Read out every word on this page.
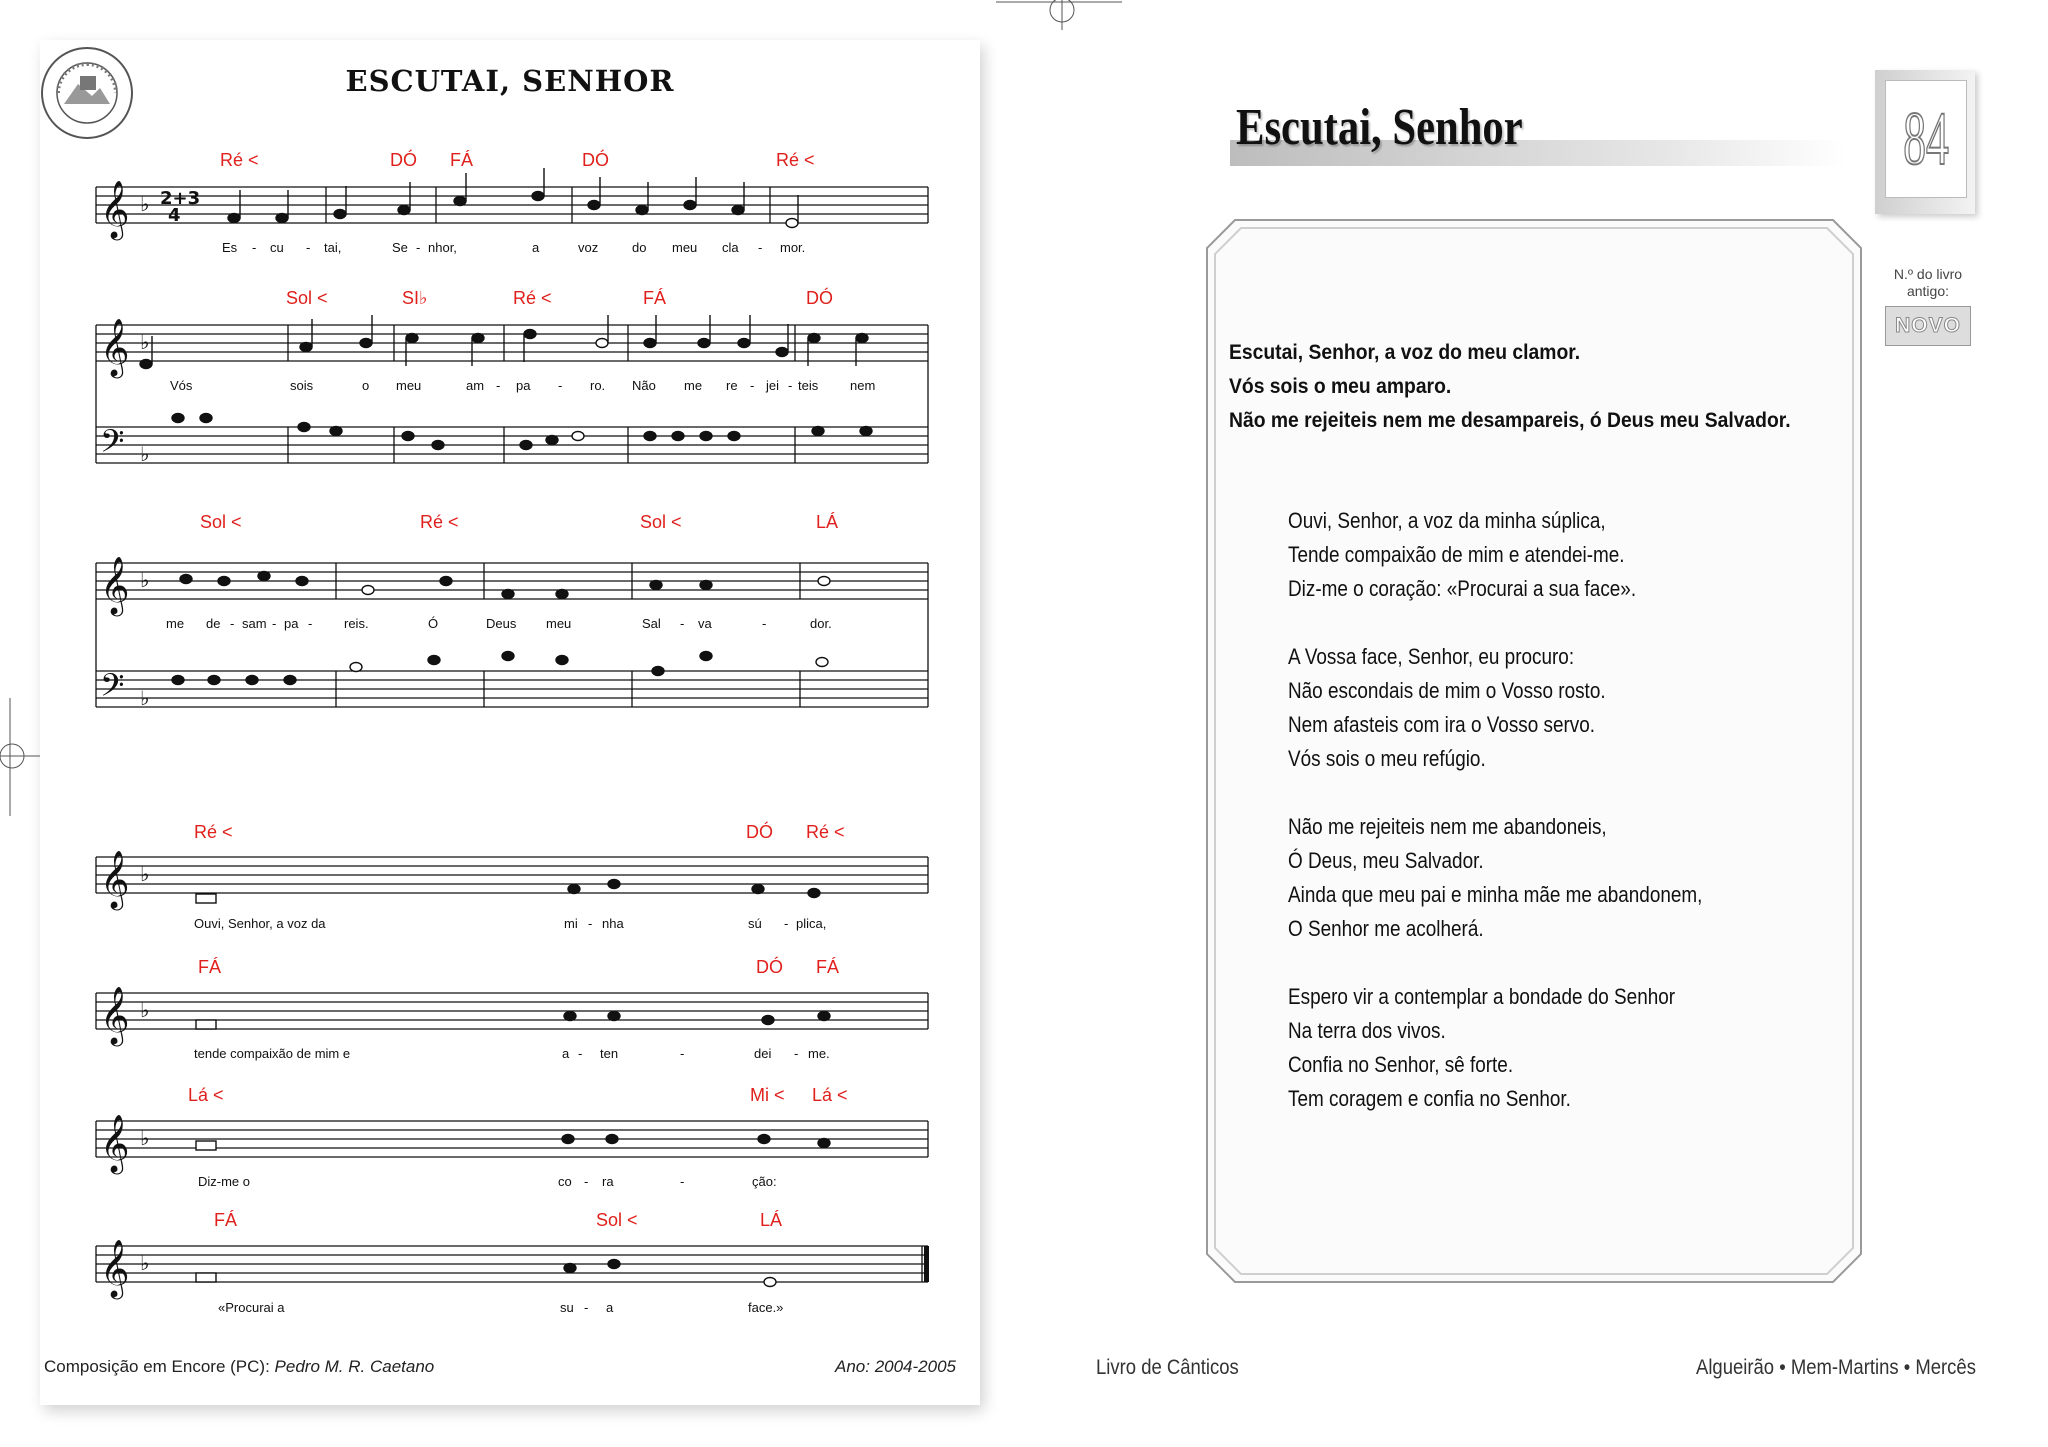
ESCUTAI, SENHOR
𝄞
𝄞
𝄢
𝄞
𝄢
𝄞
𝄞
𝄞
𝄞
♭
♭
♭
♭
♭
♭
♭
♭
♭
2+3
4
Ré <	DÓ FÁ	DÓ	Ré <
Sol <	SI♭	Ré <	FÁ	DÓ
Sol <	Ré <	Sol <	LÁ
Ré <	DÓ Ré <
FÁ	DÓ FÁ
Lá <	Mi < Lá <
FÁ	Sol <	LÁ
Es - cu - tai,	Se - nhor,	a	voz	do meu cla - mor.
Vós	sois	o meu	am - pa - ro. Não me re - jei - teis nem
me de - sam - pa - reis.	Ó	Deus meu	Sal - va	-	dor.
Ouvi, Senhor, a voz da	mi - nha	sú - plica,
tende compaixão de mim e	a - ten	-	dei - me.
Diz-me o	co - ra	-	ção:
«Procurai a	su - a	face.»
Composição em Encore (PC): Pedro M. R. Caetano	Ano: 2004-2005
Escutai, Senhor	84
N.º do livro antigo:
NOVO
Escutai, Senhor, a voz do meu clamor.
Vós sois o meu amparo.
Não me rejeiteis nem me desampareis, ó Deus meu Salvador.
Ouvi, Senhor, a voz da minha súplica,
Tende compaixão de mim e atendei-me.
Diz-me o coração: «Procurai a sua face».
A Vossa face, Senhor, eu procuro:
Não escondais de mim o Vosso rosto.
Nem afasteis com ira o Vosso servo.
Vós sois o meu refúgio.
Não me rejeiteis nem me abandoneis,
Ó Deus, meu Salvador.
Ainda que meu pai e minha mãe me abandonem,
O Senhor me acolherá.
Espero vir a contemplar a bondade do Senhor
Na terra dos vivos.
Confia no Senhor, sê forte.
Tem coragem e confia no Senhor.
Livro de Cânticos	Algueirão • Mem-Martins • Mercês
